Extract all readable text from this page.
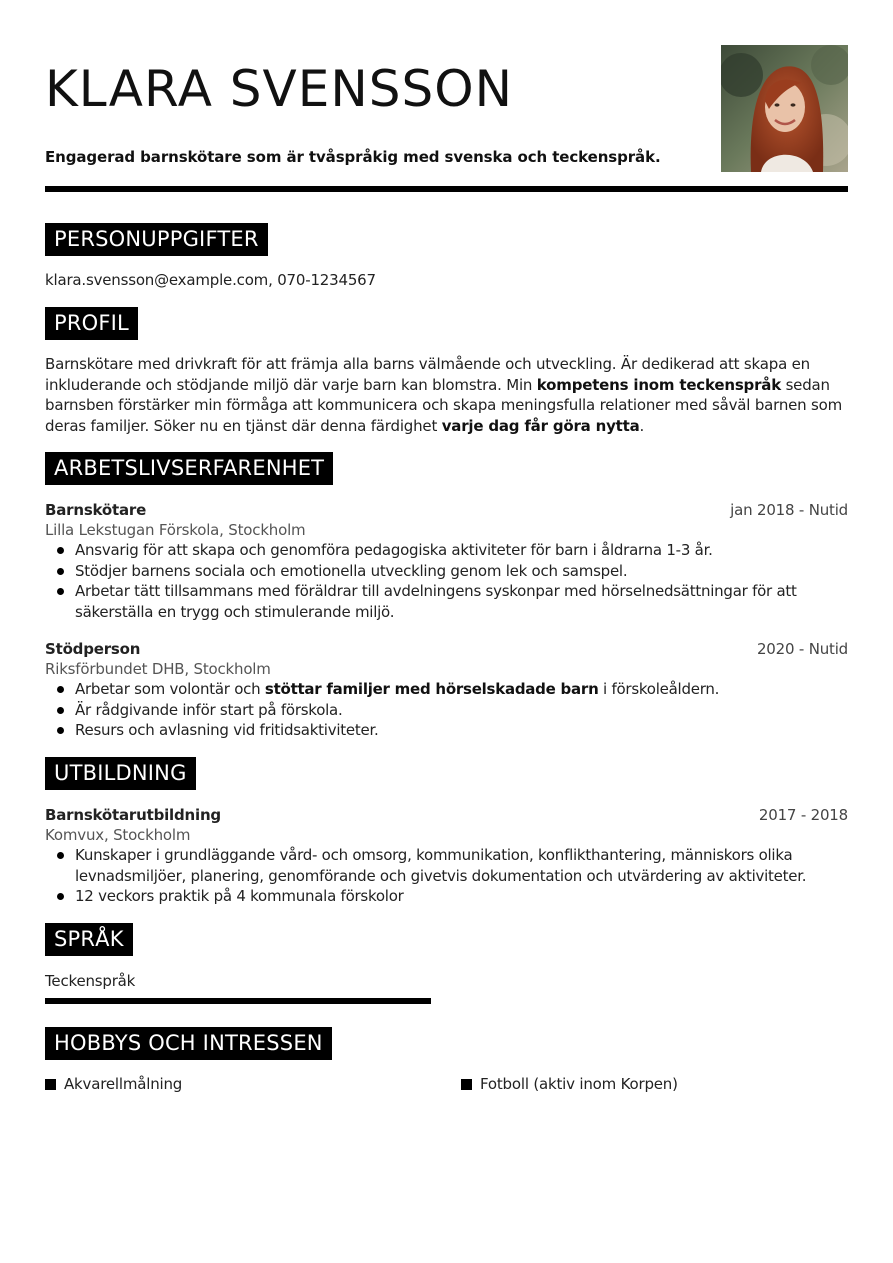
KLARA SVENSSON
Engagerad barnskötare som är tvåspråkig med svenska och teckenspråk.
PERSONUPPGIFTER
klara.svensson@example.com, 070-1234567
PROFIL
Barnskötare med drivkraft för att främja alla barns välmående och utveckling. Är dedikerad att skapa en inkluderande och stödjande miljö där varje barn kan blomstra. Min kompetens inom teckenspråk sedan barnsben förstärker min förmåga att kommunicera och skapa meningsfulla relationer med såväl barnen som deras familjer. Söker nu en tjänst där denna färdighet varje dag får göra nytta.
ARBETSLIVSERFARENHET
Barnskötare	jan 2018 - Nutid
Lilla Lekstugan Förskola, Stockholm
Ansvarig för att skapa och genomföra pedagogiska aktiviteter för barn i åldrarna 1-3 år.
Stödjer barnens sociala och emotionella utveckling genom lek och samspel.
Arbetar tätt tillsammans med föräldrar till avdelningens syskonpar med hörselnedsättningar för att säkerställa en trygg och stimulerande miljö.
Stödperson	2020 - Nutid
Riksförbundet DHB, Stockholm
Arbetar som volontär och stöttar familjer med hörselskadade barn i förskoleåldern.
Är rådgivande inför start på förskola.
Resurs och avlasning vid fritidsaktiviteter.
UTBILDNING
Barnskötarutbildning	2017 - 2018
Komvux, Stockholm
Kunskaper i grundläggande vård- och omsorg, kommunikation, konflikthantering, människors olika levnadsmiljöer, planering, genomförande och givetvis dokumentation och utvärdering av aktiviteter.
12 veckors praktik på 4 kommunala förskolor
SPRÅK
Teckenspråk
HOBBYS OCH INTRESSEN
Akvarellmålning	Fotboll (aktiv inom Korpen)
